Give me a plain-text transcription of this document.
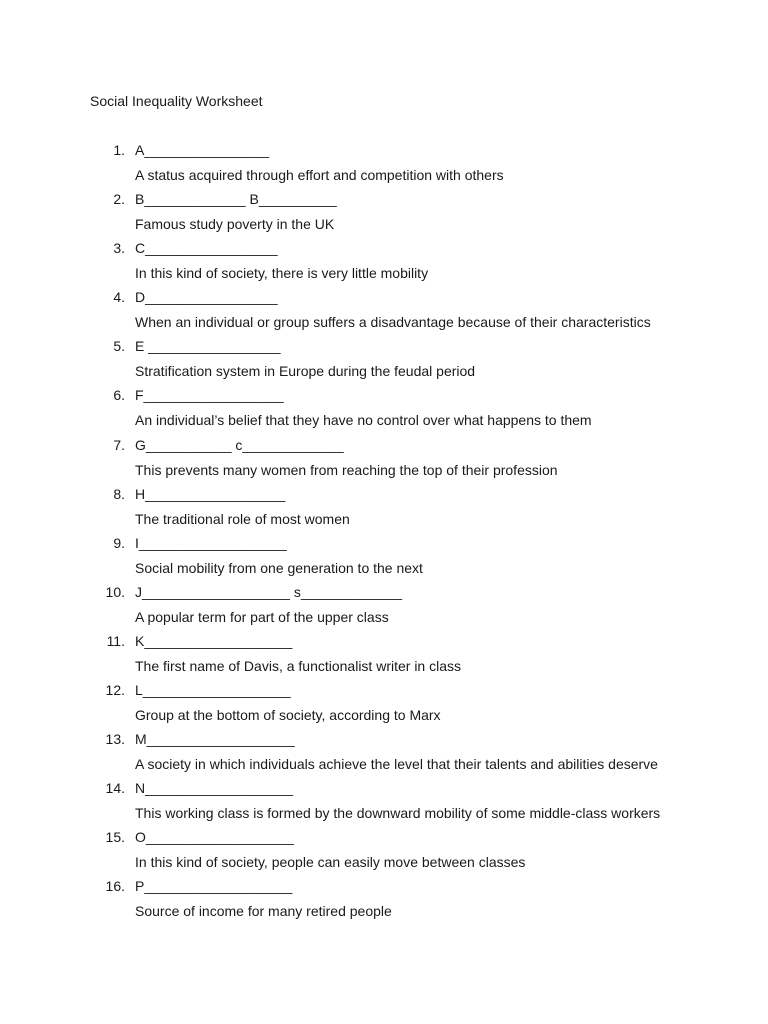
Social Inequality Worksheet
1. A________________
A status acquired through effort and competition with others
2. B_____________ B__________
Famous study poverty in the UK
3. C_________________
In this kind of society, there is very little mobility
4. D_________________
When an individual or group suffers a disadvantage because of their characteristics
5. E _________________
Stratification system in Europe during the feudal period
6. F__________________
An individual’s belief that they have no control over what happens to them
7. G___________ c_____________
This prevents many women from reaching the top of their profession
8. H__________________
The traditional role of most women
9. I___________________
Social mobility from one generation to the next
10. J___________________ s_____________
A popular term for part of the upper class
11. K___________________
The first name of Davis, a functionalist writer in class
12. L___________________
Group at the bottom of society, according to Marx
13. M___________________
A society in which individuals achieve the level that their talents and abilities deserve
14. N___________________
This working class is formed by the downward mobility of some middle-class workers
15. O___________________
In this kind of society, people can easily move between classes
16. P___________________
Source of income for many retired people
